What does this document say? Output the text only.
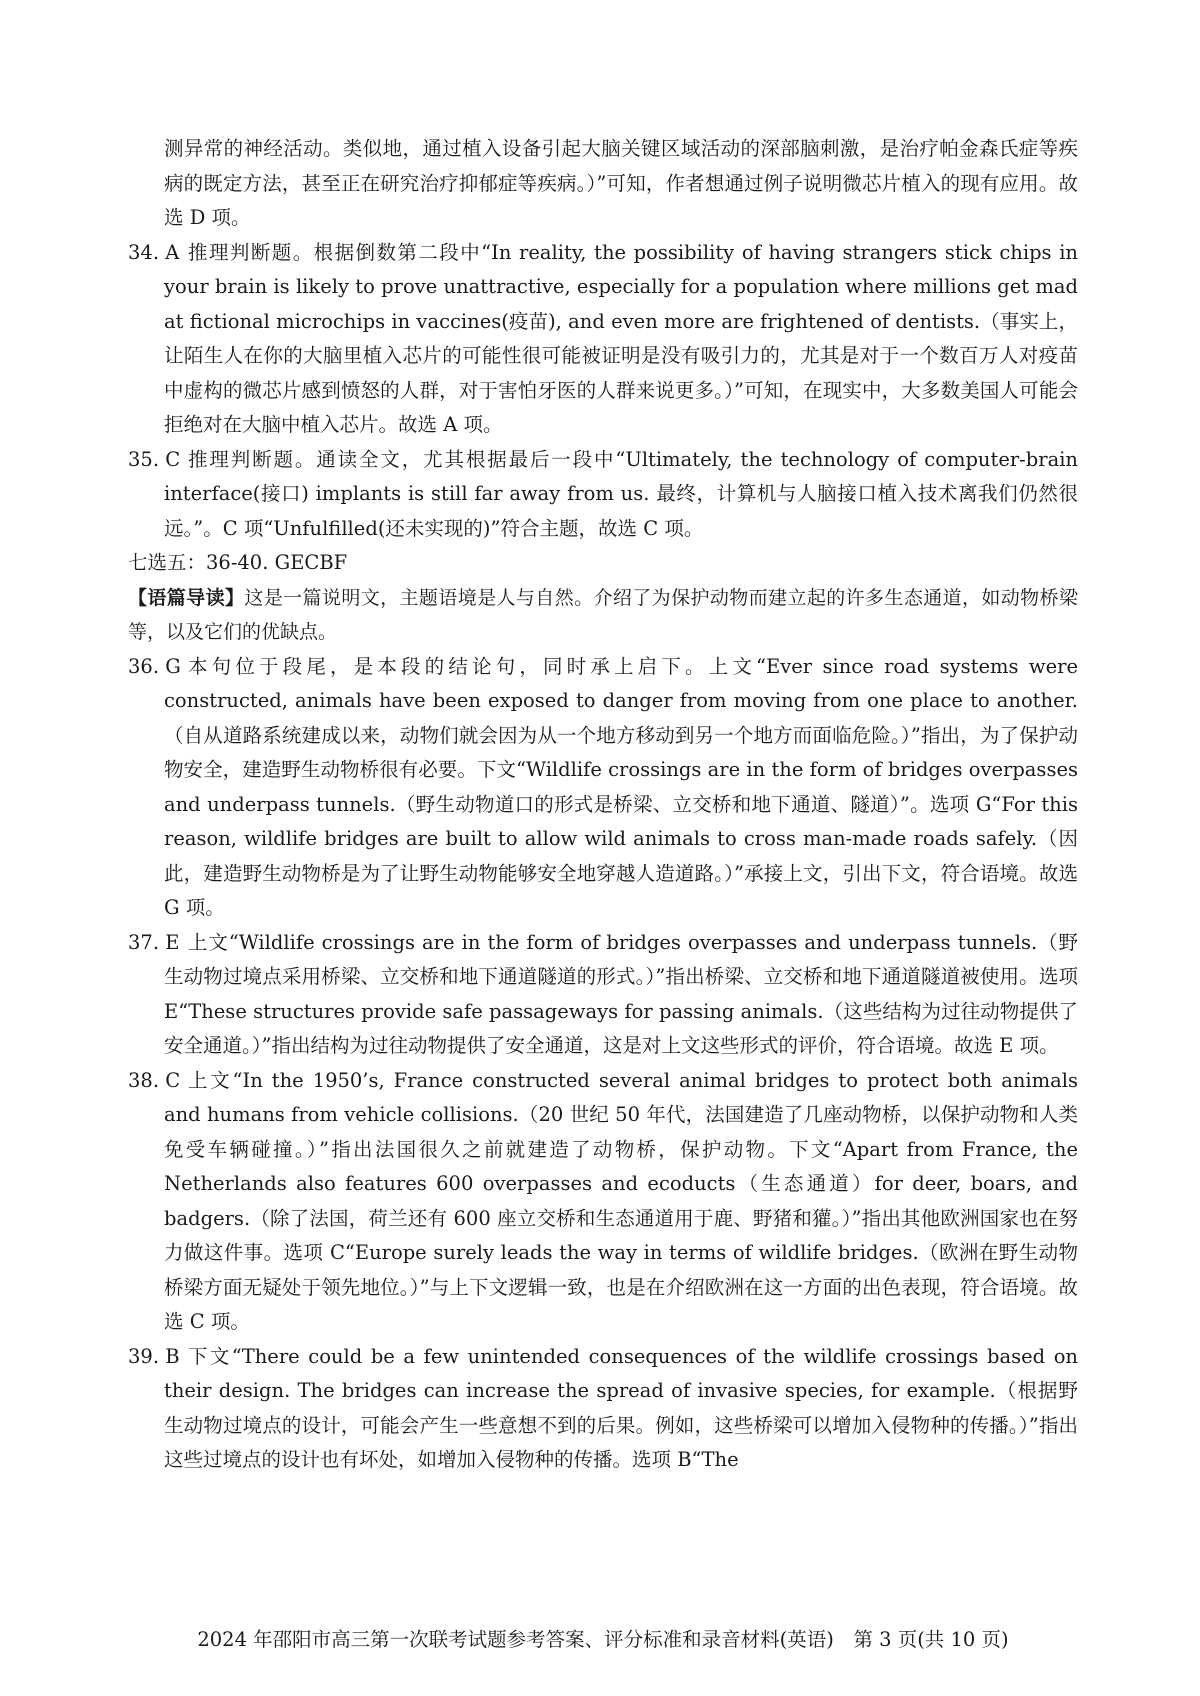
测异常的神经活动。类似地，通过植入设备引起大脑关键区域活动的深部脑刺激，是治疗帕金森氏症等疾病的既定方法，甚至正在研究治疗抑郁症等疾病。）”可知，作者想通过例子说明微芯片植入的现有应用。故选 D 项。

34. A 推理判断题。根据倒数第二段中“In reality, the possibility of having strangers stick chips in your brain is likely to prove unattractive, especially for a population where millions get mad at fictional microchips in vaccines(疫苗), and even more are frightened of dentists.（事实上，让陌生人在你的大脑里植入芯片的可能性很可能被证明是没有吸引力的，尤其是对于一个数百万人对疫苗中虚构的微芯片感到愤怒的人群，对于害怕牙医的人群来说更多。）”可知，在现实中，大多数美国人可能会拒绝对在大脑中植入芯片。故选 A 项。
35. C 推理判断题。通读全文，尤其根据最后一段中“Ultimately, the technology of computer-brain interface(接口) implants is still far away from us. 最终，计算机与人脑接口植入技术离我们仍然很远。”。C 项“Unfulfilled(还未实现的)”符合主题，故选 C 项。

七选五：36-40. GECBF

【语篇导读】这是一篇说明文，主题语境是人与自然。介绍了为保护动物而建立起的许多生态通道，如动物桥梁等，以及它们的优缺点。

36. G 本句位于段尾，是本段的结论句，同时承上启下。上文“Ever since road systems were constructed, animals have been exposed to danger from moving from one place to another.（自从道路系统建成以来，动物们就会因为从一个地方移动到另一个地方而面临危险。）”指出，为了保护动物安全，建造野生动物桥很有必要。下文“Wildlife crossings are in the form of bridges overpasses and underpass tunnels.（野生动物道口的形式是桥梁、立交桥和地下通道、隧道）”。选项 G“For this reason, wildlife bridges are built to allow wild animals to cross man-made roads safely.（因此，建造野生动物桥是为了让野生动物能够安全地穿越人造道路。）”承接上文，引出下文，符合语境。故选 G 项。
37. E 上文“Wildlife crossings are in the form of bridges overpasses and underpass tunnels.（野生动物过境点采用桥梁、立交桥和地下通道隧道的形式。）”指出桥梁、立交桥和地下通道隧道被使用。选项 E“These structures provide safe passageways for passing animals.（这些结构为过往动物提供了安全通道。）”指出结构为过往动物提供了安全通道，这是对上文这些形式的评价，符合语境。故选 E 项。
38. C 上文“In the 1950’s, France constructed several animal bridges to protect both animals and humans from vehicle collisions.（20 世纪 50 年代，法国建造了几座动物桥，以保护动物和人类免受车辆碰撞。）”指出法国很久之前就建造了动物桥，保护动物。下文“Apart from France, the Netherlands also features 600 overpasses and ecoducts（生态通道）for deer, boars, and badgers.（除了法国，荷兰还有 600 座立交桥和生态通道用于鹿、野猪和獾。）”指出其他欧洲国家也在努力做这件事。选项 C“Europe surely leads the way in terms of wildlife bridges.（欧洲在野生动物桥梁方面无疑处于领先地位。）”与上下文逻辑一致，也是在介绍欧洲在这一方面的出色表现，符合语境。故选 C 项。
39. B 下文“There could be a few unintended consequences of the wildlife crossings based on their design. The bridges can increase the spread of invasive species, for example.（根据野生动物过境点的设计，可能会产生一些意想不到的后果。例如，这些桥梁可以增加入侵物种的传播。）”指出这些过境点的设计也有坏处，如增加入侵物种的传播。选项 B“The
2024 年邵阳市高三第一次联考试题参考答案、评分标准和录音材料(英语)　第 3 页(共 10 页)
